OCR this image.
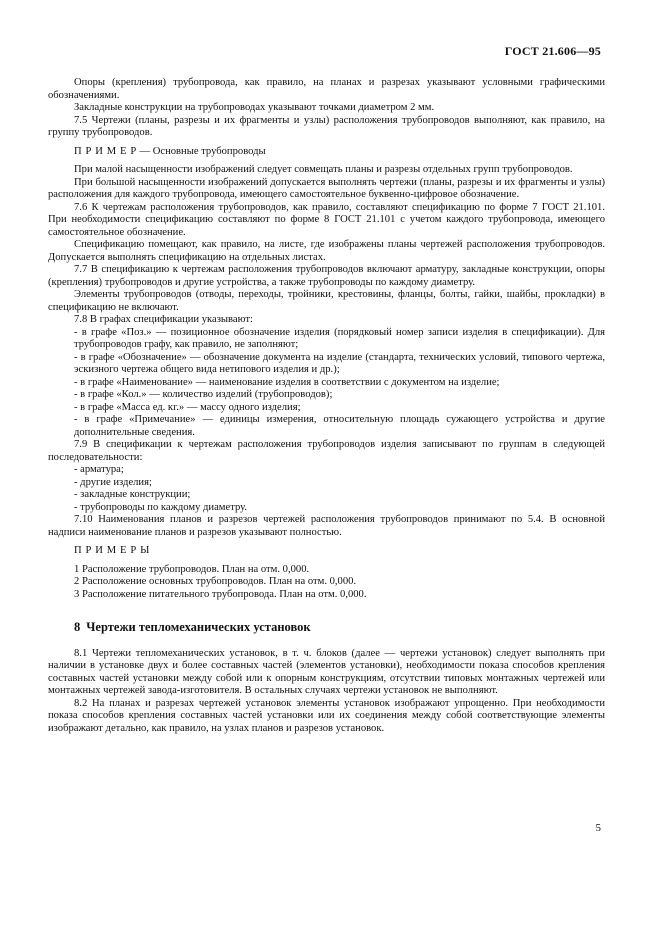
ГОСТ 21.606—95

Опоры (крепления) трубопровода, как правило, на планах и разрезах указывают условными графическими обозначениями.

Закладные конструкции на трубопроводах указывают точками диаметром 2 мм.

7.5 Чертежи (планы, разрезы и их фрагменты и узлы) расположения трубопроводов выполняют, как правило, на группу трубопроводов.

П Р И М Е Р — Основные трубопроводы

При малой насыщенности изображений следует совмещать планы и разрезы отдельных групп трубопроводов.

При большой насыщенности изображений допускается выполнять чертежи (планы, разрезы и их фрагменты и узлы) расположения для каждого трубопровода, имеющего самостоятельное буквенно-цифровое обозначение.

7.6 К чертежам расположения трубопроводов, как правило, составляют спецификацию по форме 7 ГОСТ 21.101. При необходимости спецификацию составляют по форме 8 ГОСТ 21.101 с учетом каждого трубопровода, имеющего самостоятельное обозначение.

Спецификацию помещают, как правило, на листе, где изображены планы чертежей расположения трубопроводов. Допускается выполнять спецификацию на отдельных листах.

7.7 В спецификацию к чертежам расположения трубопроводов включают арматуру, закладные конструкции, опоры (крепления) трубопроводов и другие устройства, а также трубопроводы по каждому диаметру.

Элементы трубопроводов (отводы, переходы, тройники, крестовины, фланцы, болты, гайки, шайбы, прокладки) в спецификацию не включают.

7.8 В графах спецификации указывают:

- в графе «Поз.» — позиционное обозначение изделия (порядковый номер записи изделия в спецификации). Для трубопроводов графу, как правило, не заполняют;

- в графе «Обозначение» — обозначение документа на изделие (стандарта, технических условий, типового чертежа, эскизного чертежа общего вида нетипового изделия и др.);

- в графе «Наименование» — наименование изделия в соответствии с документом на изделие;

- в графе «Кол.» — количество изделий (трубопроводов);

- в графе «Масса ед. кг.» — массу одного изделия;

- в графе «Примечание» — единицы измерения, относительную площадь сужающего устройства и другие дополнительные сведения.

7.9 В спецификации к чертежам расположения трубопроводов изделия записывают по группам в следующей последовательности:

- арматура;

- другие изделия;

- закладные конструкции;

- трубопроводы по каждому диаметру.

7.10 Наименования планов и разрезов чертежей расположения трубопроводов принимают по 5.4. В основной надписи наименование планов и разрезов указывают полностью.

П Р И М Е Р Ы

1 Расположение трубопроводов. План на отм. 0,000.

2 Расположение основных трубопроводов. План на отм. 0,000.

3 Расположение питательного трубопровода. План на отм. 0,000.

8 Чертежи тепломеханических установок

8.1 Чертежи тепломеханических установок, в т. ч. блоков (далее — чертежи установок) следует выполнять при наличии в установке двух и более составных частей (элементов установки), необходимости показа способов крепления составных частей установки между собой или к опорным конструкциям, отсутствии типовых монтажных чертежей или монтажных чертежей завода-изготовителя. В остальных случаях чертежи установок не выполняют.

8.2 На планах и разрезах чертежей установок элементы установок изображают упрощенно. При необходимости показа способов крепления составных частей установки или их соединения между собой соответствующие элементы изображают детально, как правило, на узлах планов и разрезов установок.

5
